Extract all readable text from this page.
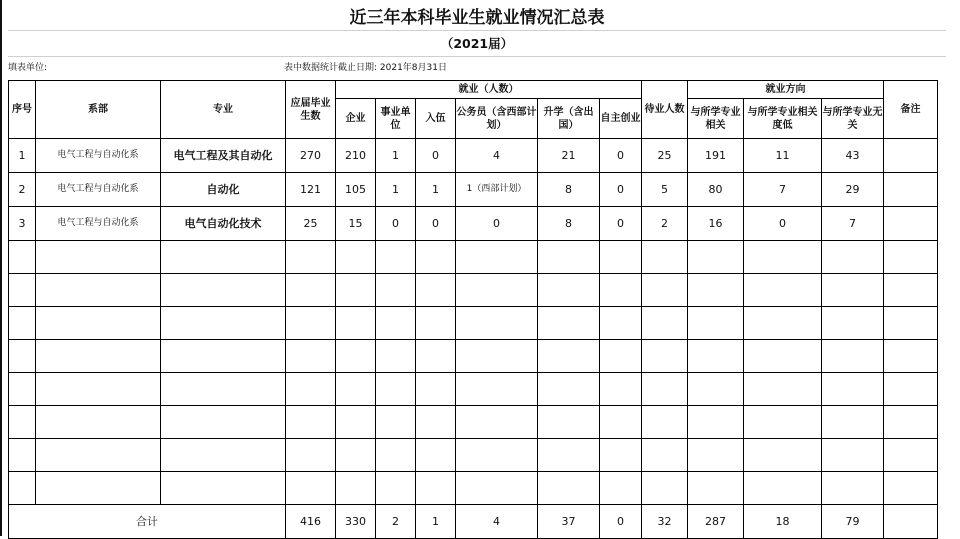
近三年本科毕业生就业情况汇总表
（2021届）
填表单位:	表中数据统计截止日期: 2021年8月31日
序号	系部	专业	应届毕业生数	就业（人数）						待业人数	就业方向			备注
				企业	事业单位	入伍	公务员（含西部计划）	升学（含出国）	自主创业		与所学专业相关	与所学专业相关度低	与所学专业无关	
1	电气工程与自动化系	电气工程及其自动化	270	210	1	0	4	21	0	25	191	11	43	
2	电气工程与自动化系	自动化	121	105	1	1	1（西部计划）	8	0	5	80	7	29	
3	电气工程与自动化系	电气自动化技术	25	15	0	0	0	8	0	2	16	0	7	

合计			416	330	2	1	4	37	0	32	287	18	79	
